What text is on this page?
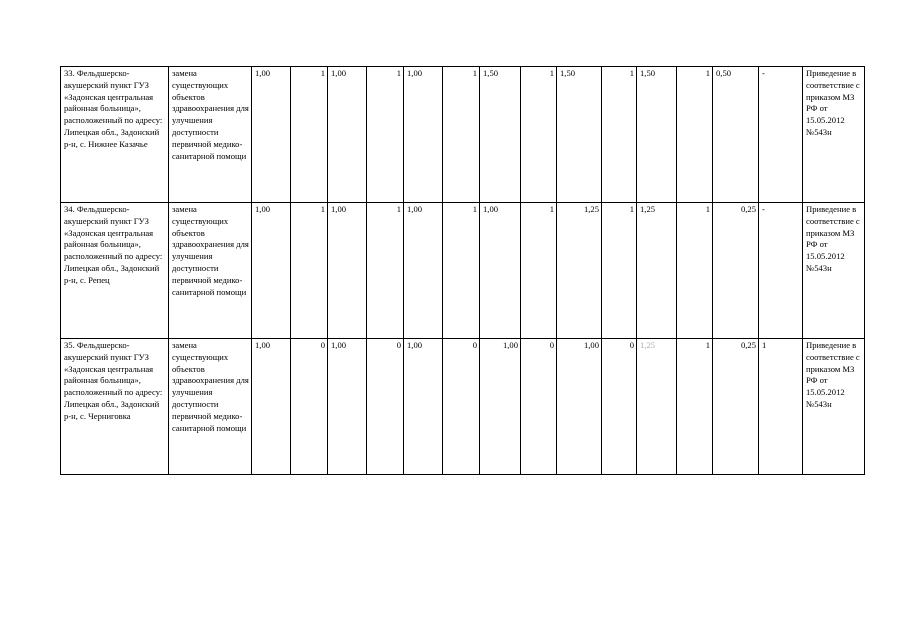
33. Фельдшерско-акушерский пункт ГУЗ «Задонская центральная районная больница», расположенный по адресу: Липецкая обл., Задонский р-н, с. Нижнее Казачье	замена существующих объектов здравоохранения для улучшения доступности первичной медико-санитарной помощи	1,00	1	1,00	1	1,00	1	1,50	1	1,50	1	1,50	1	0,50	-	Приведение в соответствие с приказом МЗ РФ от 15.05.2012 №543н
34. Фельдшерско-акушерский пункт ГУЗ «Задонская центральная районная больница», расположенный по адресу: Липецкая обл., Задонский р-н, с. Репец	замена существующих объектов здравоохранения для улучшения доступности первичной медико-санитарной помощи	1,00	1	1,00	1	1,00	1	1,00	1	1,25	1	1,25	1	0,25	-	Приведение в соответствие с приказом МЗ РФ от 15.05.2012 №543н
35. Фельдшерско-акушерский пункт ГУЗ «Задонская центральная районная больница», расположенный по адресу: Липецкая обл., Задонский р-н, с. Черниговка	замена существующих объектов здравоохранения для улучшения доступности первичной медико-санитарной помощи	1,00	0	1,00	0	1,00	0	1,00	0	1,00	0	1,25	1	0,25	1	Приведение в соответствие с приказом МЗ РФ от 15.05.2012 №543н
